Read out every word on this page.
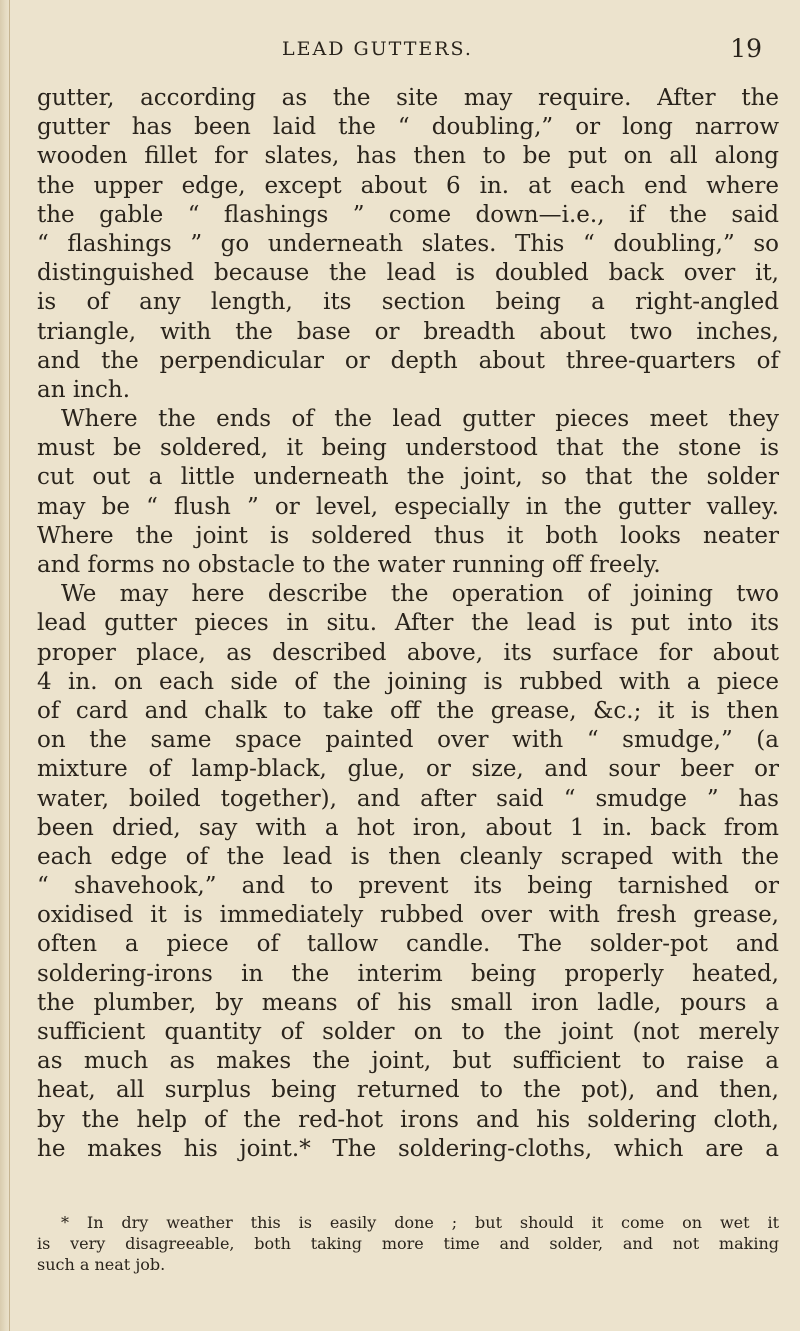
LEAD GUTTERS.	19
gutter, according as the site may require. After the
gutter has been laid the “ doubling,” or long narrow
wooden fillet for slates, has then to be put on all along
the upper edge, except about 6 in. at each end where
the gable “ flashings ” come down—i.e., if the said
“ flashings ” go underneath slates. This “ doubling,” so
distinguished because the lead is doubled back over it,
is of any length, its section being a right-angled
triangle, with the base or breadth about two inches,
and the perpendicular or depth about three-quarters of
an inch.
Where the ends of the lead gutter pieces meet they
must be soldered, it being understood that the stone is
cut out a little underneath the joint, so that the solder
may be “ flush ” or level, especially in the gutter valley.
Where the joint is soldered thus it both looks neater
and forms no obstacle to the water running off freely.
We may here describe the operation of joining two
lead gutter pieces in situ. After the lead is put into its
proper place, as described above, its surface for about
4 in. on each side of the joining is rubbed with a piece
of card and chalk to take off the grease, &c.; it is then
on the same space painted over with “ smudge,” (a
mixture of lamp-black, glue, or size, and sour beer or
water, boiled together), and after said “ smudge ” has
been dried, say with a hot iron, about 1 in. back from
each edge of the lead is then cleanly scraped with the
“ shavehook,” and to prevent its being tarnished or
oxidised it is immediately rubbed over with fresh grease,
often a piece of tallow candle. The solder-pot and
soldering-irons in the interim being properly heated,
the plumber, by means of his small iron ladle, pours a
sufficient quantity of solder on to the joint (not merely
as much as makes the joint, but sufficient to raise a
heat, all surplus being returned to the pot), and then,
by the help of the red-hot irons and his soldering cloth,
he makes his joint.* The soldering-cloths, which are a
* In dry weather this is easily done ; but should it come on wet it
is very disagreeable, both taking more time and solder, and not making
such a neat job.
